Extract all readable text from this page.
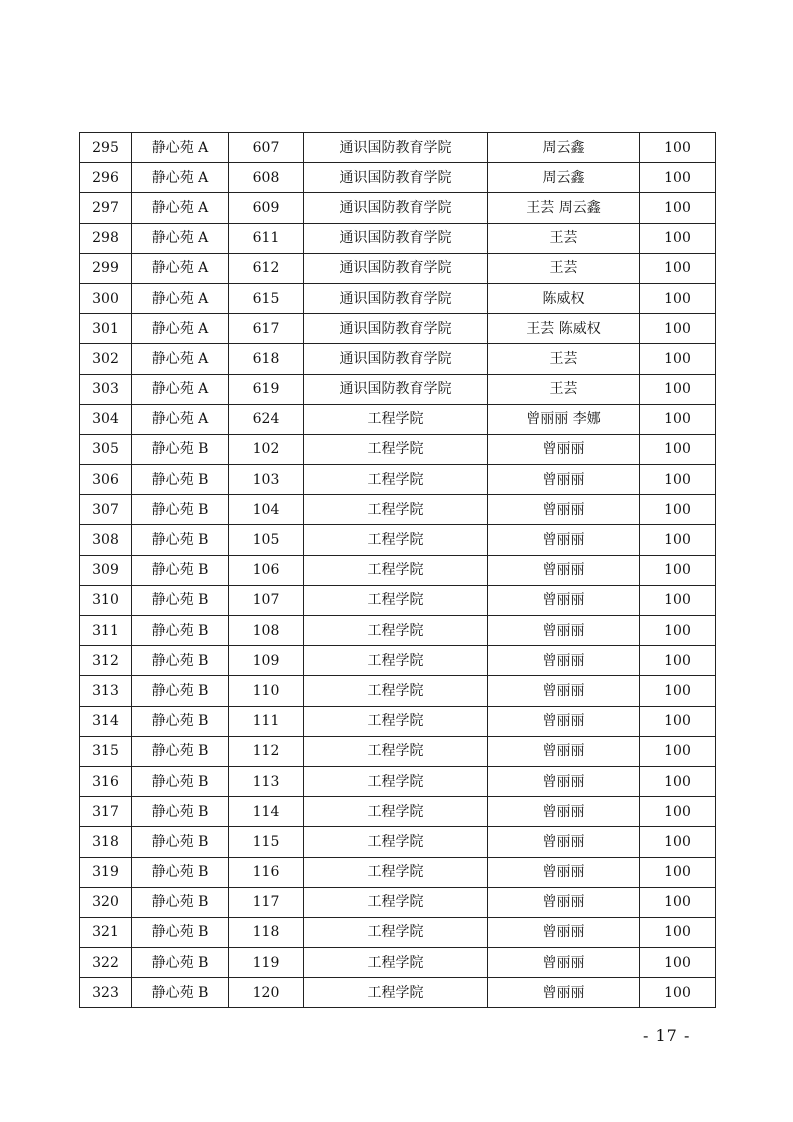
295	静心苑 A	607	通识国防教育学院	周云鑫	100
296	静心苑 A	608	通识国防教育学院	周云鑫	100
297	静心苑 A	609	通识国防教育学院	王芸 周云鑫	100
298	静心苑 A	611	通识国防教育学院	王芸	100
299	静心苑 A	612	通识国防教育学院	王芸	100
300	静心苑 A	615	通识国防教育学院	陈威权	100
301	静心苑 A	617	通识国防教育学院	王芸 陈威权	100
302	静心苑 A	618	通识国防教育学院	王芸	100
303	静心苑 A	619	通识国防教育学院	王芸	100
304	静心苑 A	624	工程学院	曾丽丽 李娜	100
305	静心苑 B	102	工程学院	曾丽丽	100
306	静心苑 B	103	工程学院	曾丽丽	100
307	静心苑 B	104	工程学院	曾丽丽	100
308	静心苑 B	105	工程学院	曾丽丽	100
309	静心苑 B	106	工程学院	曾丽丽	100
310	静心苑 B	107	工程学院	曾丽丽	100
311	静心苑 B	108	工程学院	曾丽丽	100
312	静心苑 B	109	工程学院	曾丽丽	100
313	静心苑 B	110	工程学院	曾丽丽	100
314	静心苑 B	111	工程学院	曾丽丽	100
315	静心苑 B	112	工程学院	曾丽丽	100
316	静心苑 B	113	工程学院	曾丽丽	100
317	静心苑 B	114	工程学院	曾丽丽	100
318	静心苑 B	115	工程学院	曾丽丽	100
319	静心苑 B	116	工程学院	曾丽丽	100
320	静心苑 B	117	工程学院	曾丽丽	100
321	静心苑 B	118	工程学院	曾丽丽	100
322	静心苑 B	119	工程学院	曾丽丽	100
323	静心苑 B	120	工程学院	曾丽丽	100
- 17 -
